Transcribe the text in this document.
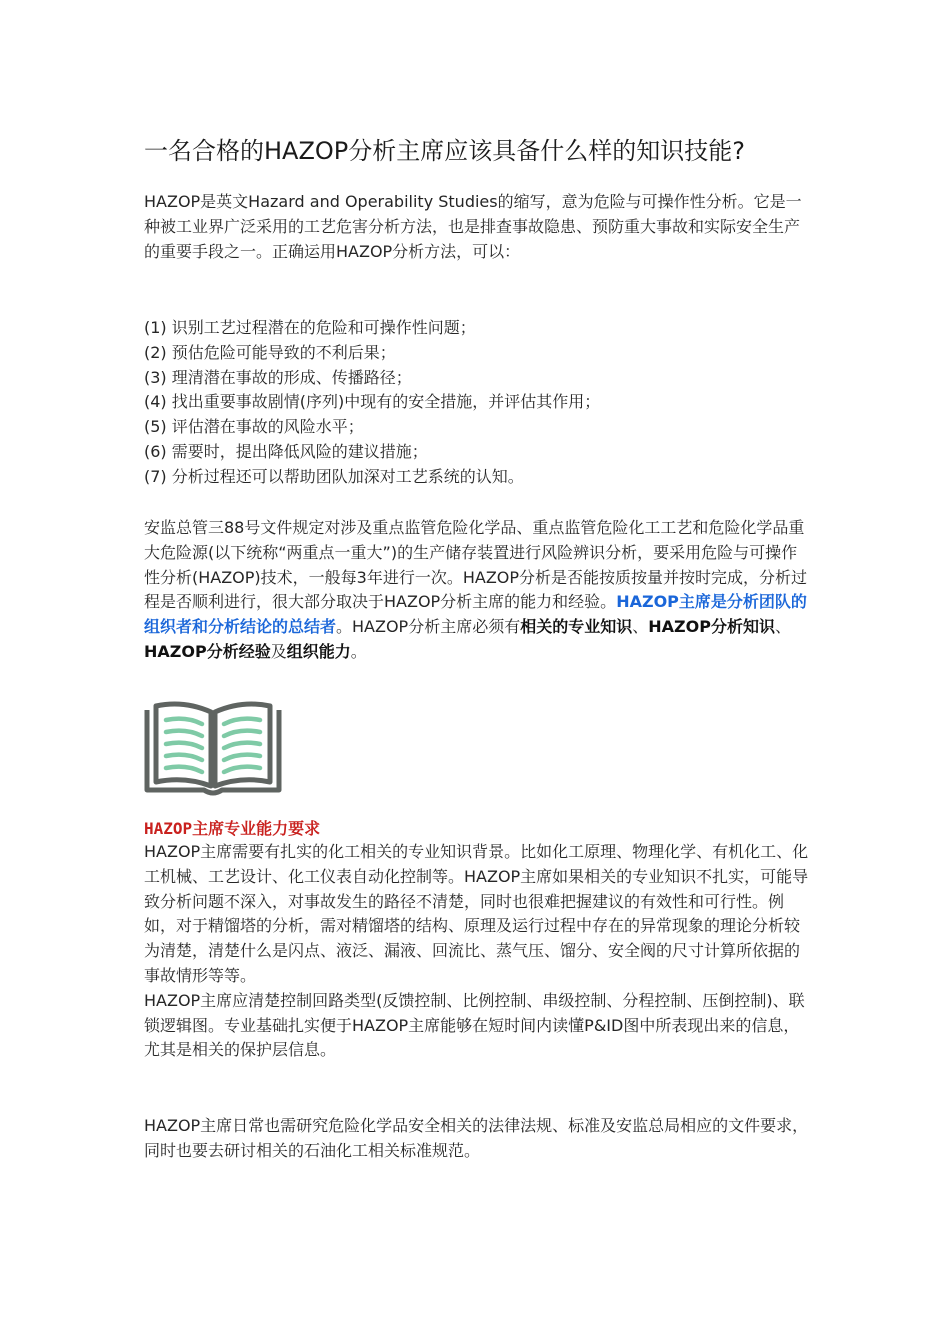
一名合格的HAZOP分析主席应该具备什么样的知识技能?

HAZOP是英文Hazard and Operability Studies的缩写，意为危险与可操作性分析。它是一种被工业界广泛采用的工艺危害分析方法，也是排查事故隐患、预防重大事故和实际安全生产的重要手段之一。正确运用HAZOP分析方法，可以：

(1) 识别工艺过程潜在的危险和可操作性问题；
(2) 预估危险可能导致的不利后果；
(3) 理清潜在事故的形成、传播路径；
(4) 找出重要事故剧情(序列)中现有的安全措施，并评估其作用；
(5) 评估潜在事故的风险水平；
(6) 需要时，提出降低风险的建议措施；
(7) 分析过程还可以帮助团队加深对工艺系统的认知。

安监总管三88号文件规定对涉及重点监管危险化学品、重点监管危险化工工艺和危险化学品重大危险源(以下统称“两重点一重大”)的生产储存装置进行风险辨识分析，要采用危险与可操作性分析(HAZOP)技术，一般每3年进行一次。HAZOP分析是否能按质按量并按时完成，分析过程是否顺利进行，很大部分取决于HAZOP分析主席的能力和经验。HAZOP主席是分析团队的组织者和分析结论的总结者。HAZOP分析主席必须有相关的专业知识、HAZOP分析知识、HAZOP分析经验及组织能力。

HAZOP主席专业能力要求

HAZOP主席需要有扎实的化工相关的专业知识背景。比如化工原理、物理化学、有机化工、化工机械、工艺设计、化工仪表自动化控制等。HAZOP主席如果相关的专业知识不扎实，可能导致分析问题不深入，对事故发生的路径不清楚，同时也很难把握建议的有效性和可行性。例如，对于精馏塔的分析，需对精馏塔的结构、原理及运行过程中存在的异常现象的理论分析较为清楚，清楚什么是闪点、液泛、漏液、回流比、蒸气压、馏分、安全阀的尺寸计算所依据的事故情形等等。

HAZOP主席应清楚控制回路类型(反馈控制、比例控制、串级控制、分程控制、压倒控制)、联锁逻辑图。专业基础扎实便于HAZOP主席能够在短时间内读懂P&ID图中所表现出来的信息，尤其是相关的保护层信息。

HAZOP主席日常也需研究危险化学品安全相关的法律法规、标准及安监总局相应的文件要求，同时也要去研讨相关的石油化工相关标准规范。
